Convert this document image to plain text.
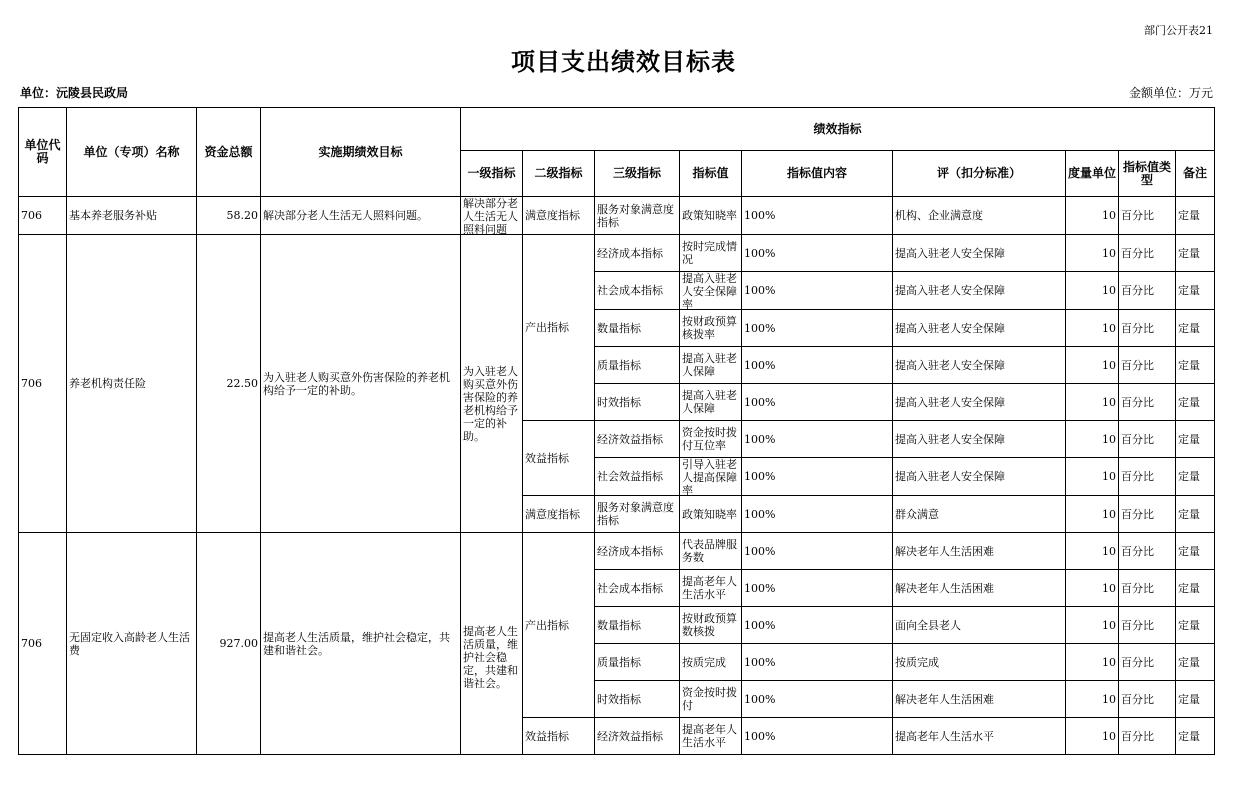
部门公开表21
项目支出绩效目标表
单位：沅陵县民政局	金额单位：万元
单位代码	单位（专项）名称	资金总额	实施期绩效目标	绩效指标								
				一级指标	二级指标	三级指标	指标值	指标值内容	评（扣分标准）	度量单位	指标值类型	备注

706	基本养老服务补贴	58.20	解决部分老人生活无人照料问题。	解决部分老人生活无人照料问题	满意度指标	服务对象满意度指标	政策知晓率	100%	机构、企业满意度	10	百分比	定量

706	养老机构责任险	22.50	为入驻老人购买意外伤害保险的养老机构给予一定的补助。	为入驻老人购买意外伤害保险的养老机构给予一定的补助。	产出指标	经济成本指标	按时完成情况	100%	提高入驻老人安全保障	10	百分比	定量

						社会成本指标	提高入驻老人安全保障率	100%	提高入驻老人安全保障	10	百分比	定量

						数量指标	按财政预算核拨率	100%	提高入驻老人安全保障	10	百分比	定量

						质量指标	提高入驻老人保障	100%	提高入驻老人安全保障	10	百分比	定量

						时效指标	提高入驻老人保障	100%	提高入驻老人安全保障	10	百分比	定量

					效益指标	经济效益指标	资金按时拨付互位率	100%	提高入驻老人安全保障	10	百分比	定量

						社会效益指标	引导入驻老人提高保障率	100%	提高入驻老人安全保障	10	百分比	定量

					满意度指标	服务对象满意度指标	政策知晓率	100%	群众满意	10	百分比	定量

706	无固定收入高龄老人生活费	927.00	提高老人生活质量，维护社会稳定，共建和谐社会。	提高老人生活质量，维护社会稳定，共建和谐社会。	产出指标	经济成本指标	代表品牌服务数	100%	解决老年人生活困难	10	百分比	定量

						社会成本指标	提高老年人生活水平	100%	解决老年人生活困难	10	百分比	定量

						数量指标	按财政预算数核拨	100%	面向全县老人	10	百分比	定量

						质量指标	按质完成	100%	按质完成	10	百分比	定量

						时效指标	资金按时拨付	100%	解决老年人生活困难	10	百分比	定量

					效益指标	经济效益指标	提高老年人生活水平	100%	提高老年人生活水平	10	百分比	定量
